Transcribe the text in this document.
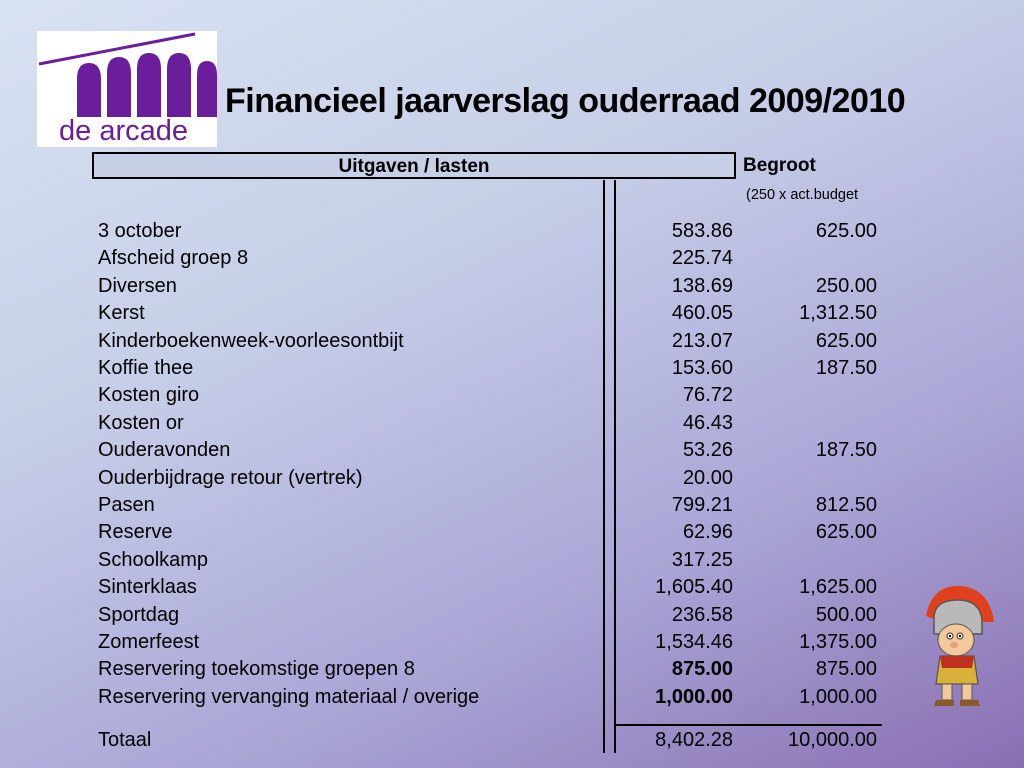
de arcade
Financieel jaarverslag ouderraad 2009/2010
Uitgaven / lasten	Begroot
(250 x act.budget
3 october	583.86	625.00
Afscheid groep 8	225.74
Diversen	138.69	250.00
Kerst	460.05	1,312.50
Kinderboekenweek-voorleesontbijt	213.07	625.00
Koffie thee	153.60	187.50
Kosten giro	76.72
Kosten or	46.43
Ouderavonden	53.26	187.50
Ouderbijdrage retour (vertrek)	20.00
Pasen	799.21	812.50
Reserve	62.96	625.00
Schoolkamp	317.25
Sinterklaas	1,605.40	1,625.00
Sportdag	236.58	500.00
Zomerfeest	1,534.46	1,375.00
Reservering toekomstige groepen 8	875.00	875.00
Reservering vervanging materiaal / overige	1,000.00	1,000.00
Totaal	8,402.28	10,000.00
